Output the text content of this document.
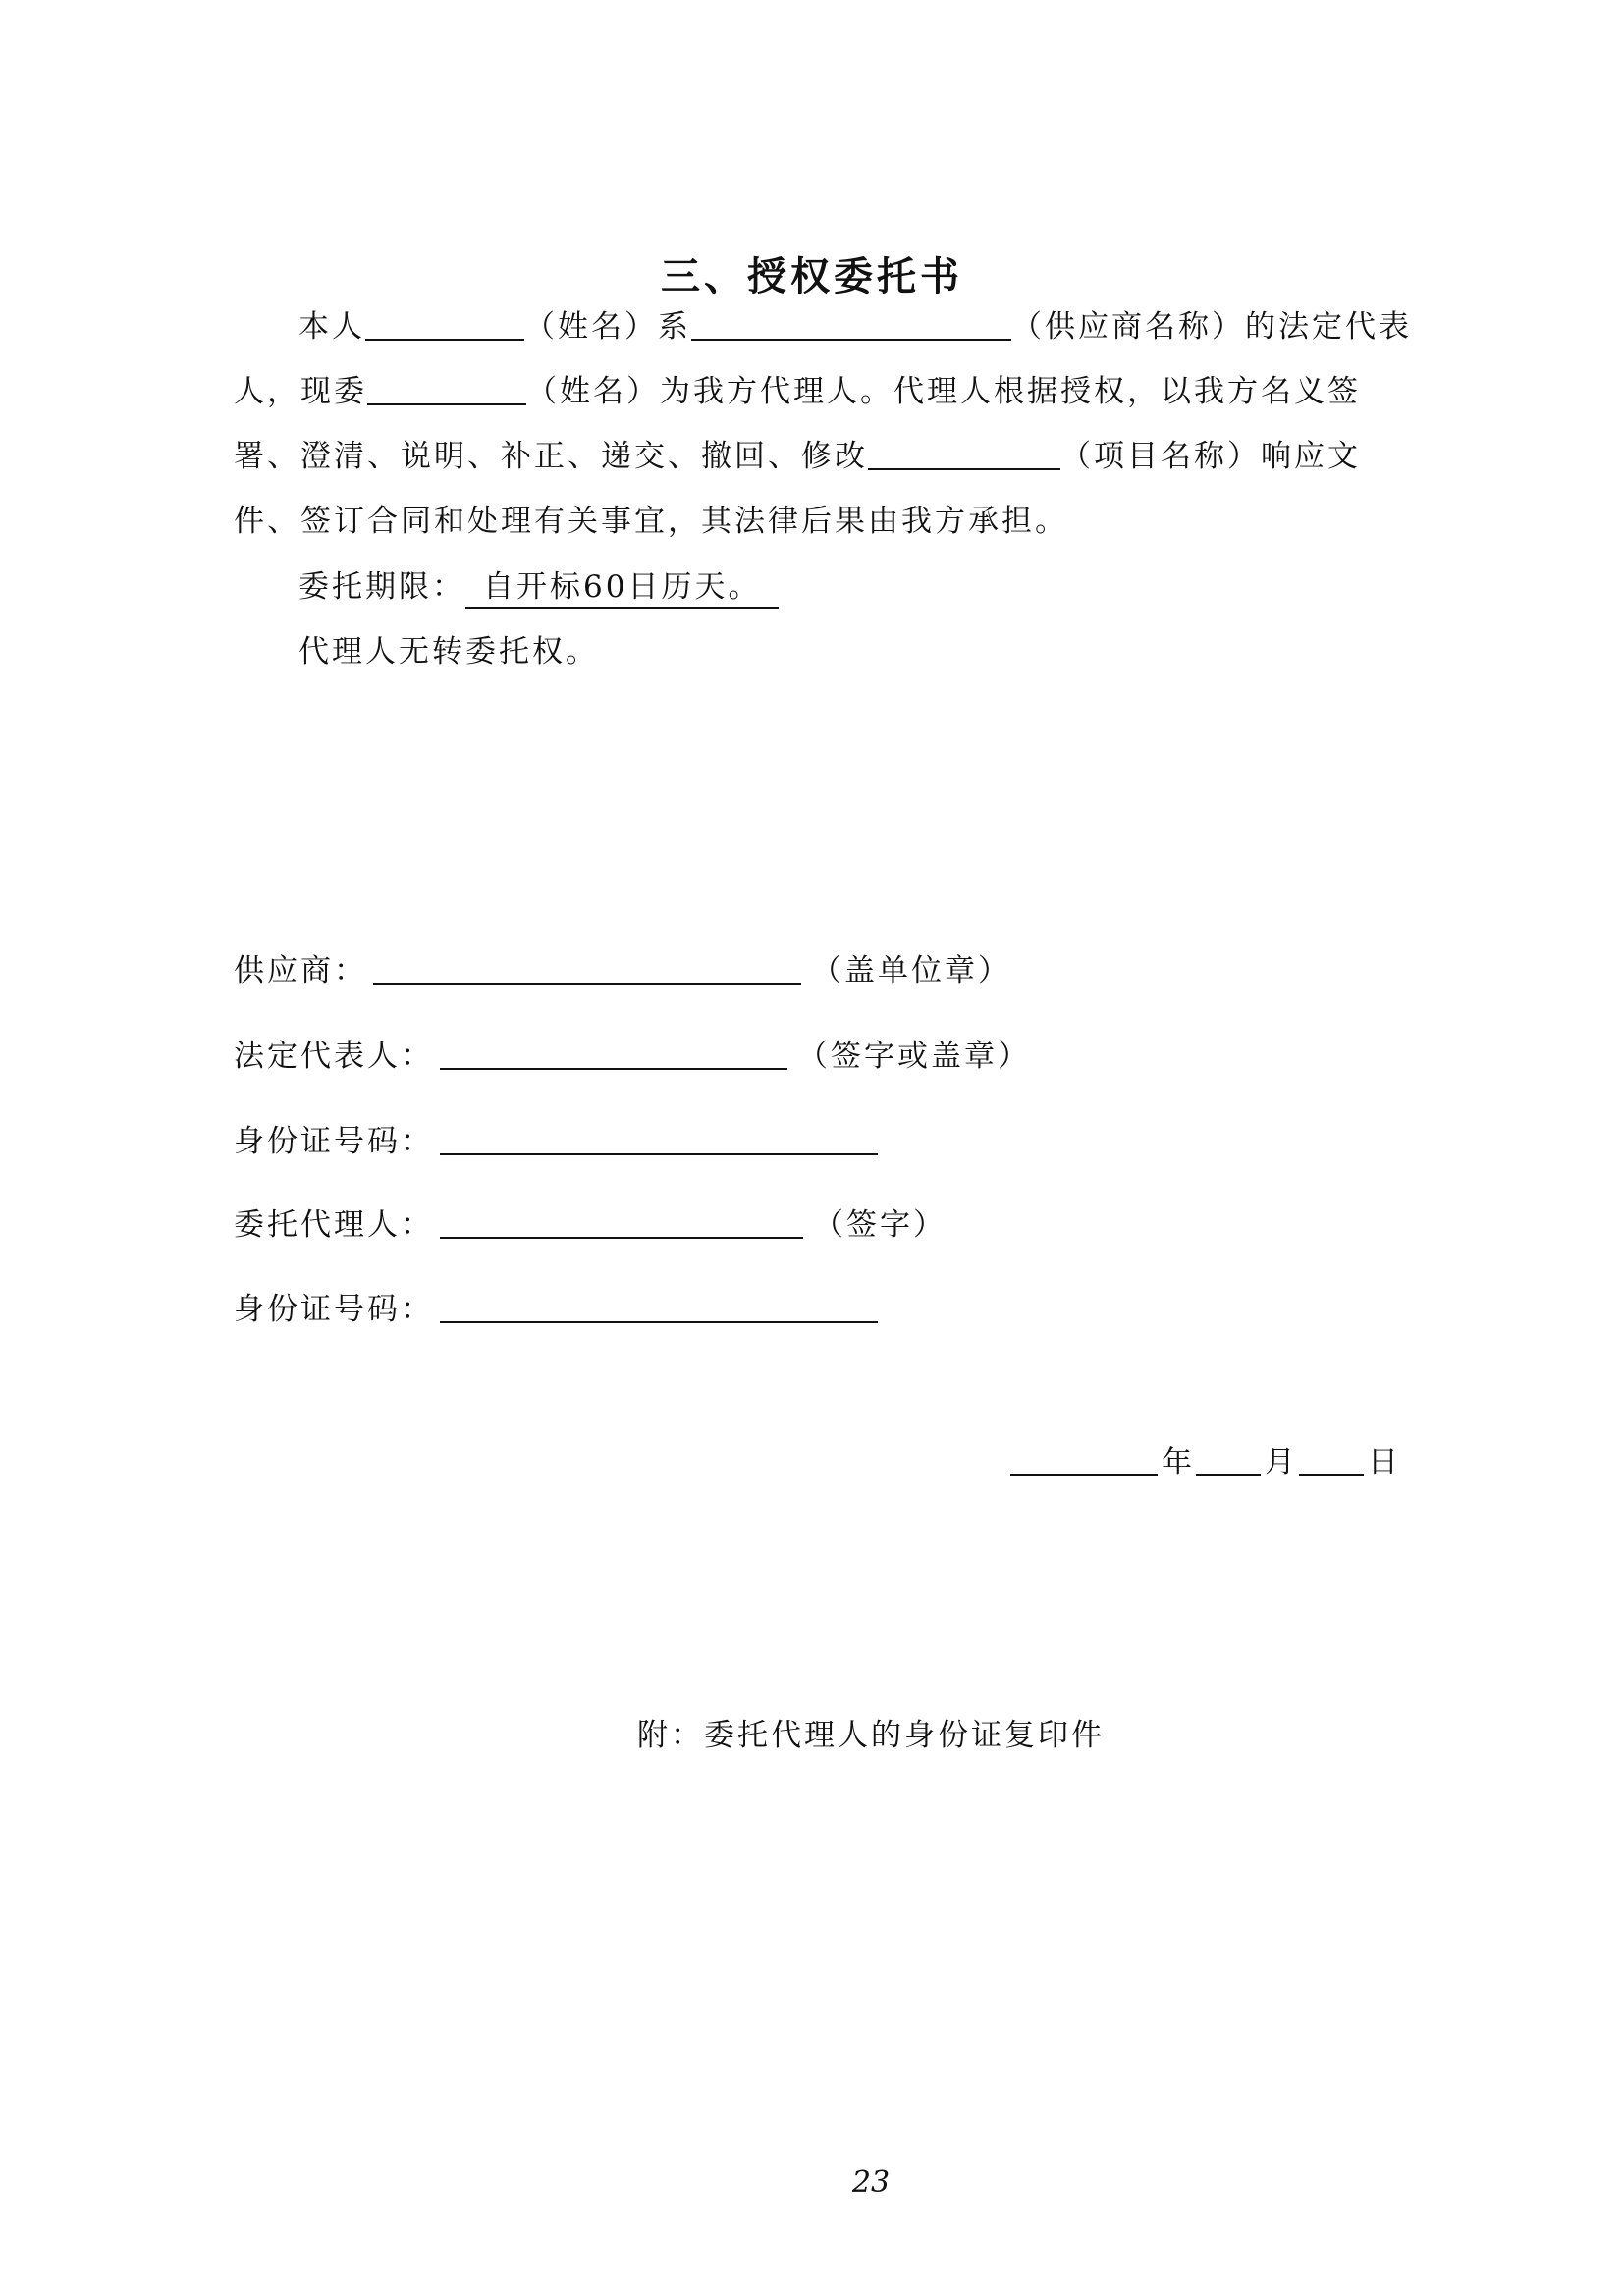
三、授权委托书
本人	（姓名）系	（供应商名称）的法定代表人，现委	（姓名）为我方代理人。代理人根据授权，以我方名义签署、澄清、说明、补正、递交、撤回、修改	（项目名称）响应文件、签订合同和处理有关事宜，其法律后果由我方承担。
委托期限： 自开标60日历天。
代理人无转委托权。
供应商：	（盖单位章）
法定代表人：	（签字或盖章）
身份证号码：
委托代理人：	（签字）
身份证号码：
年 月 日
附：委托代理人的身份证复印件
23
